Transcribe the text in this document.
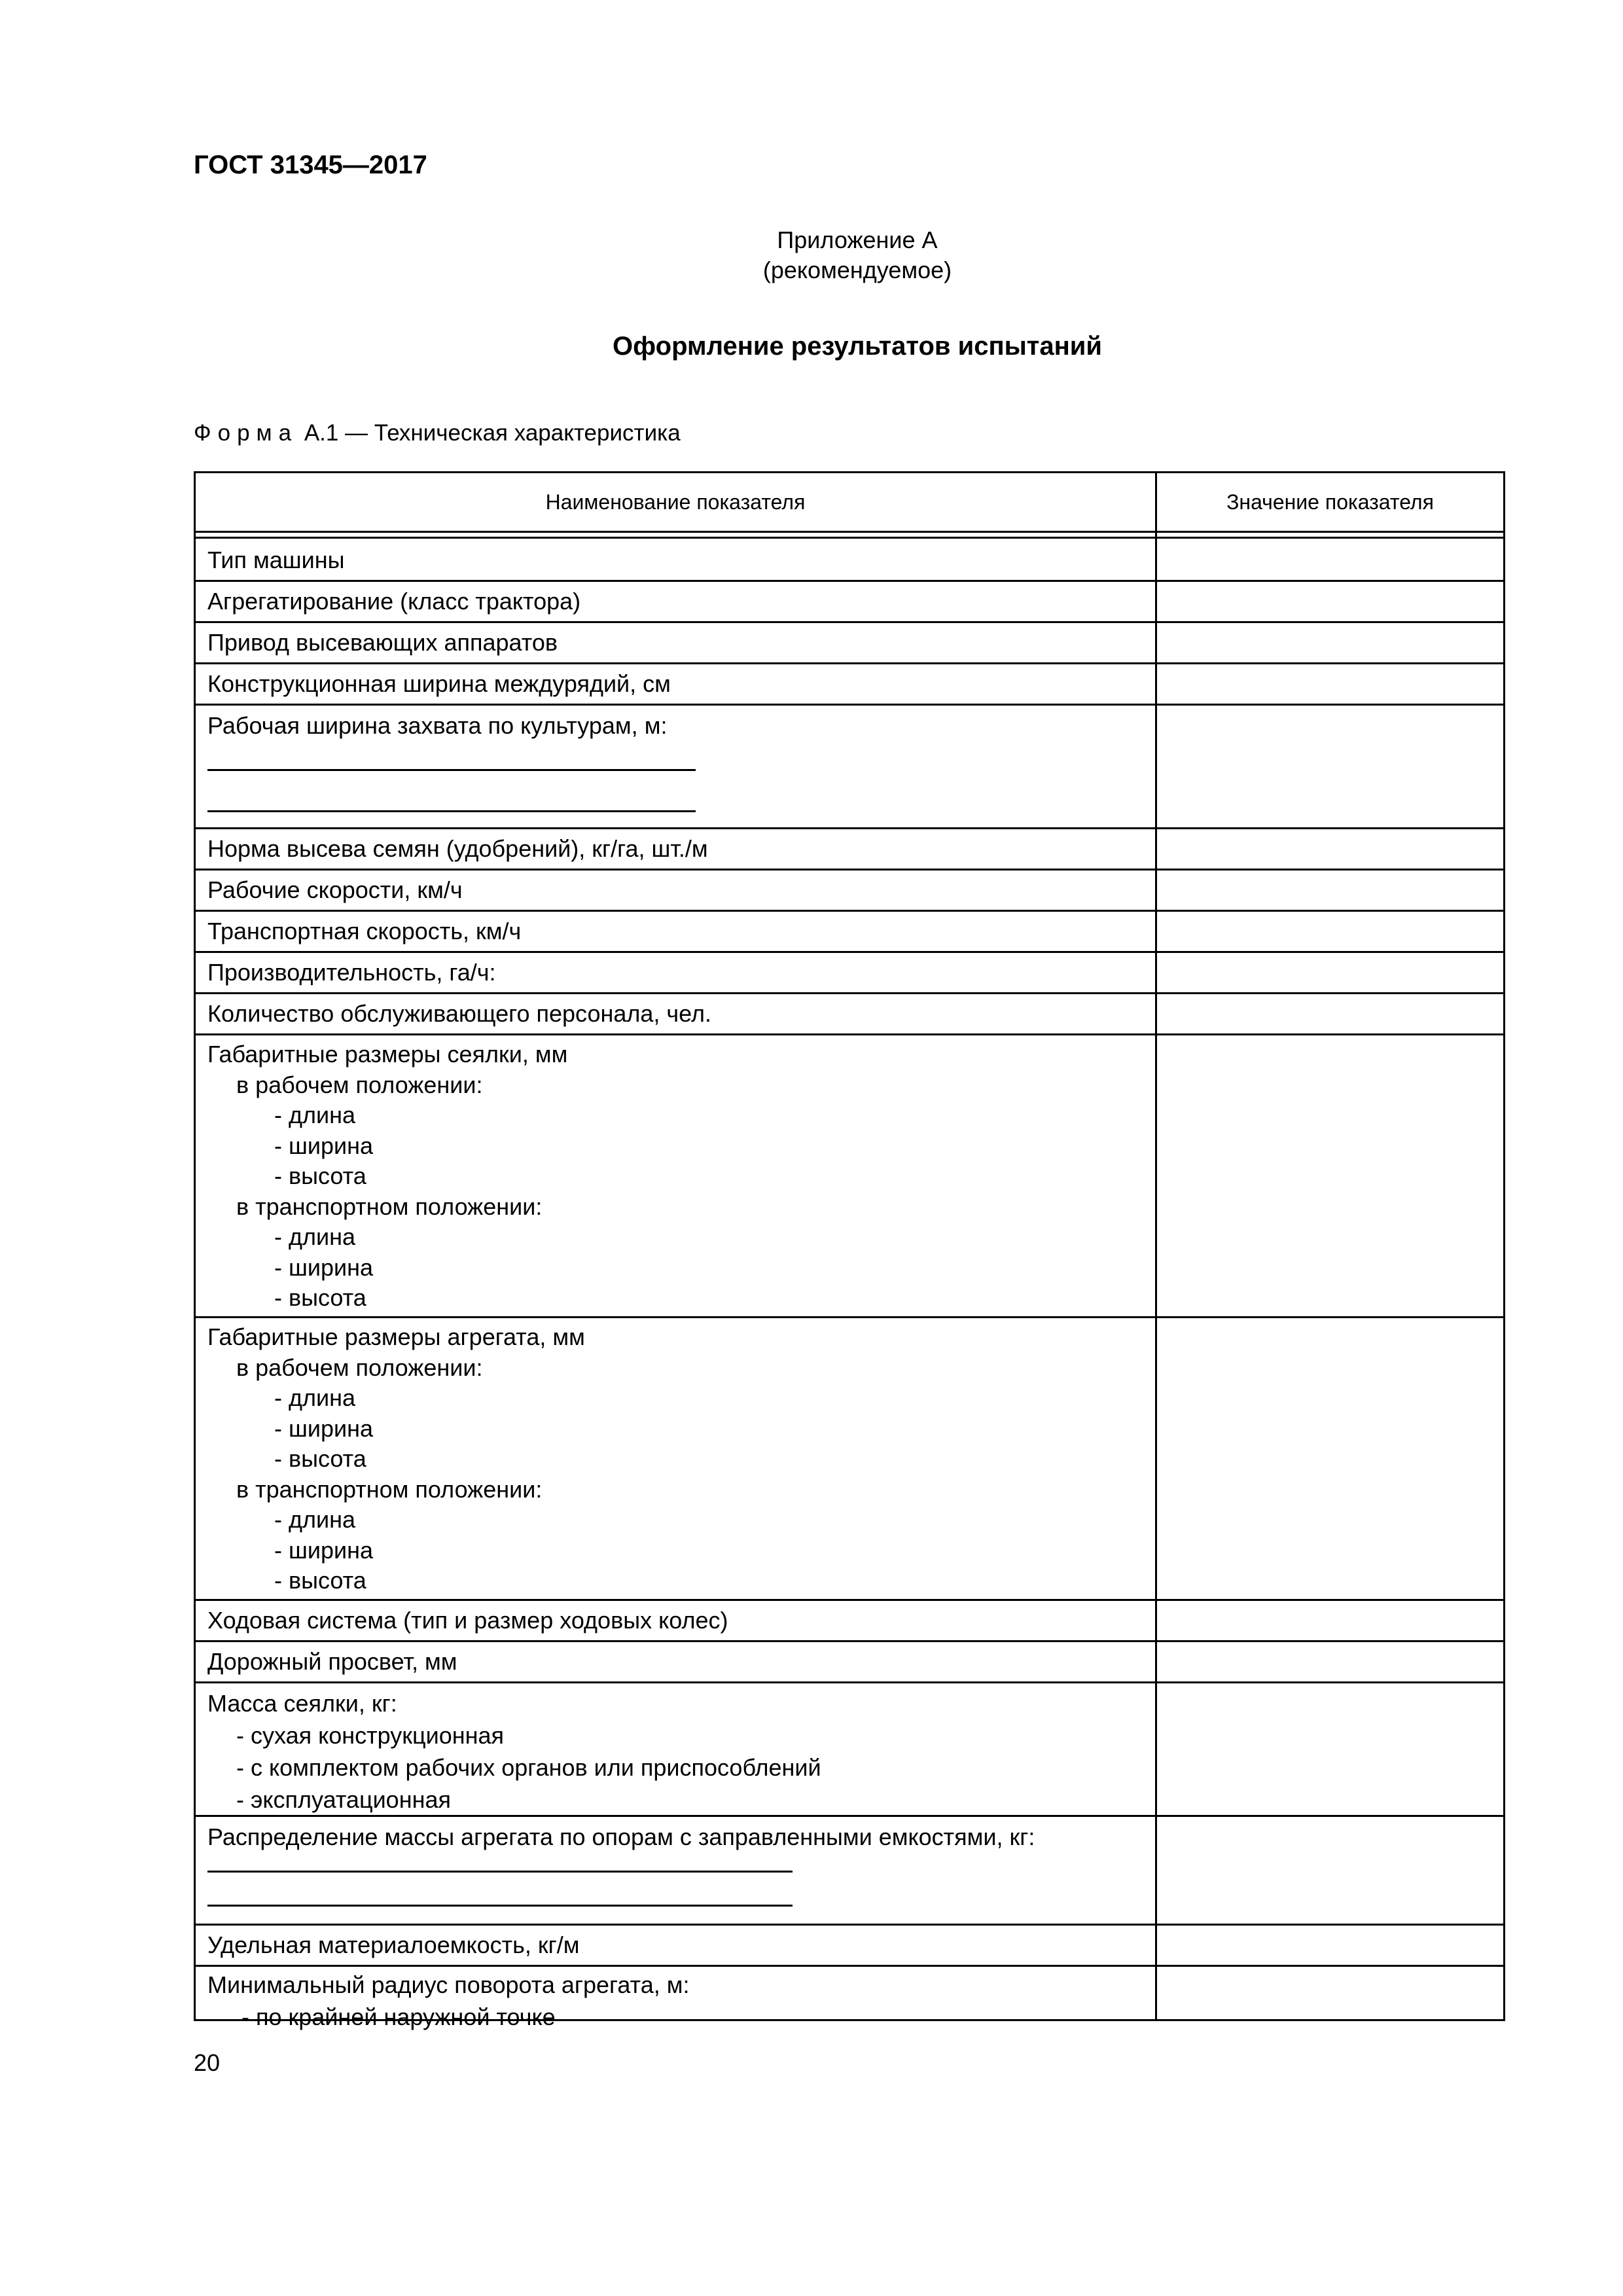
ГОСТ 31345—2017
Приложение А
(рекомендуемое)
Оформление результатов испытаний
Форма А.1 — Техническая характеристика
Наименование показателя	Значение показателя
Тип машины
Агрегатирование (класс трактора)
Привод высевающих аппаратов
Конструкционная ширина междурядий, см
Рабочая ширина захвата по культурам, м:
Норма высева семян (удобрений), кг/га, шт./м
Рабочие скорости, км/ч
Транспортная скорость, км/ч
Производительность, га/ч:
Количество обслуживающего персонала, чел.
Габаритные размеры сеялки, мм
в рабочем положении:
- длина
- ширина
- высота
в транспортном положении:
- длина
- ширина
- высота
Габаритные размеры агрегата, мм
в рабочем положении:
- длина
- ширина
- высота
в транспортном положении:
- длина
- ширина
- высота
Ходовая система (тип и размер ходовых колес)
Дорожный просвет, мм
Масса сеялки, кг:
- сухая конструкционная
- с комплектом рабочих органов или приспособлений
- эксплуатационная
Распределение массы агрегата по опорам с заправленными емкостями, кг:
Удельная материалоемкость, кг/м
Минимальный радиус поворота агрегата, м:
- по крайней наружной точке
20
